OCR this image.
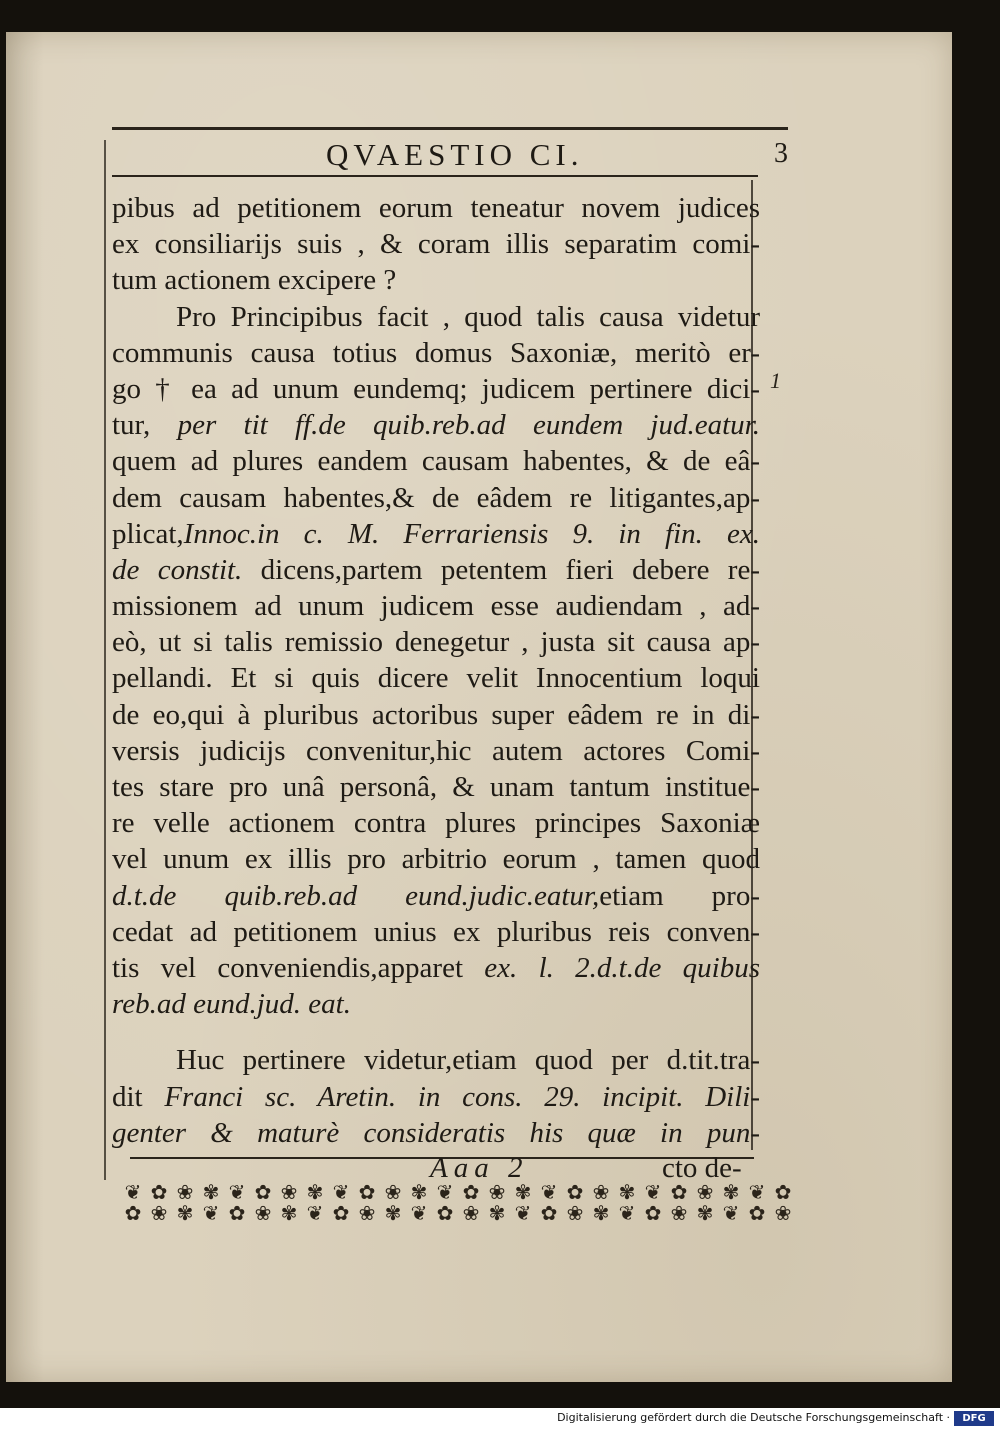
QVAESTIO CI.	3
1
pibus ad petitionem eorum teneatur novem judices
ex consiliarijs suis , & coram illis separatim comi-
tum actionem excipere ?
Pro Principibus facit , quod talis causa videtur
communis causa totius domus Saxoniæ, meritò er-
go † ea ad unum eundemq; judicem pertinere dici-
tur, per tit ff.de quib.reb.ad eundem jud.eatur.
quem ad plures eandem causam habentes, & de eâ-
dem causam habentes,& de eâdem re litigantes,ap-
plicat,Innoc.in c. M. Ferrariensis 9. in fin. ex.
de constit. dicens,partem petentem fieri debere re-
missionem ad unum judicem esse audiendam , ad-
eò, ut si talis remissio denegetur , justa sit causa ap-
pellandi. Et si quis dicere velit Innocentium loqui
de eo,qui à pluribus actoribus super eâdem re in di-
versis judicijs convenitur,hic autem actores Comi-
tes stare pro unâ personâ, & unam tantum institue-
re velle actionem contra plures principes Saxoniæ
vel unum ex illis pro arbitrio eorum , tamen quod
d.t.de quib.reb.ad eund.judic.eatur,etiam pro-
cedat ad petitionem unius ex pluribus reis conven-
tis vel conveniendis,apparet ex. l. 2.d.t.de quibus
reb.ad eund.jud. eat.
Huc pertinere videtur,etiam quod per d.tit.tra-
dit Franci sc. Aretin. in cons. 29. incipit. Dili-
genter & maturè consideratis his quæ in pun-
Aaa 2	cto de-
❦ ✿ ❀ ✾ ❦ ✿ ❀ ✾ ❦ ✿ ❀ ✾ ❦ ✿ ❀ ✾ ❦ ✿ ❀ ✾ ❦ ✿ ❀ ✾ ❦ ✿✿ ❀ ✾ ❦ ✿ ❀ ✾ ❦ ✿ ❀ ✾ ❦ ✿ ❀ ✾ ❦ ✿ ❀ ✾ ❦ ✿ ❀ ✾ ❦ ✿ ❀
Digitalisierung gefördert durch die Deutsche Forschungsgemeinschaft ·	DFG
